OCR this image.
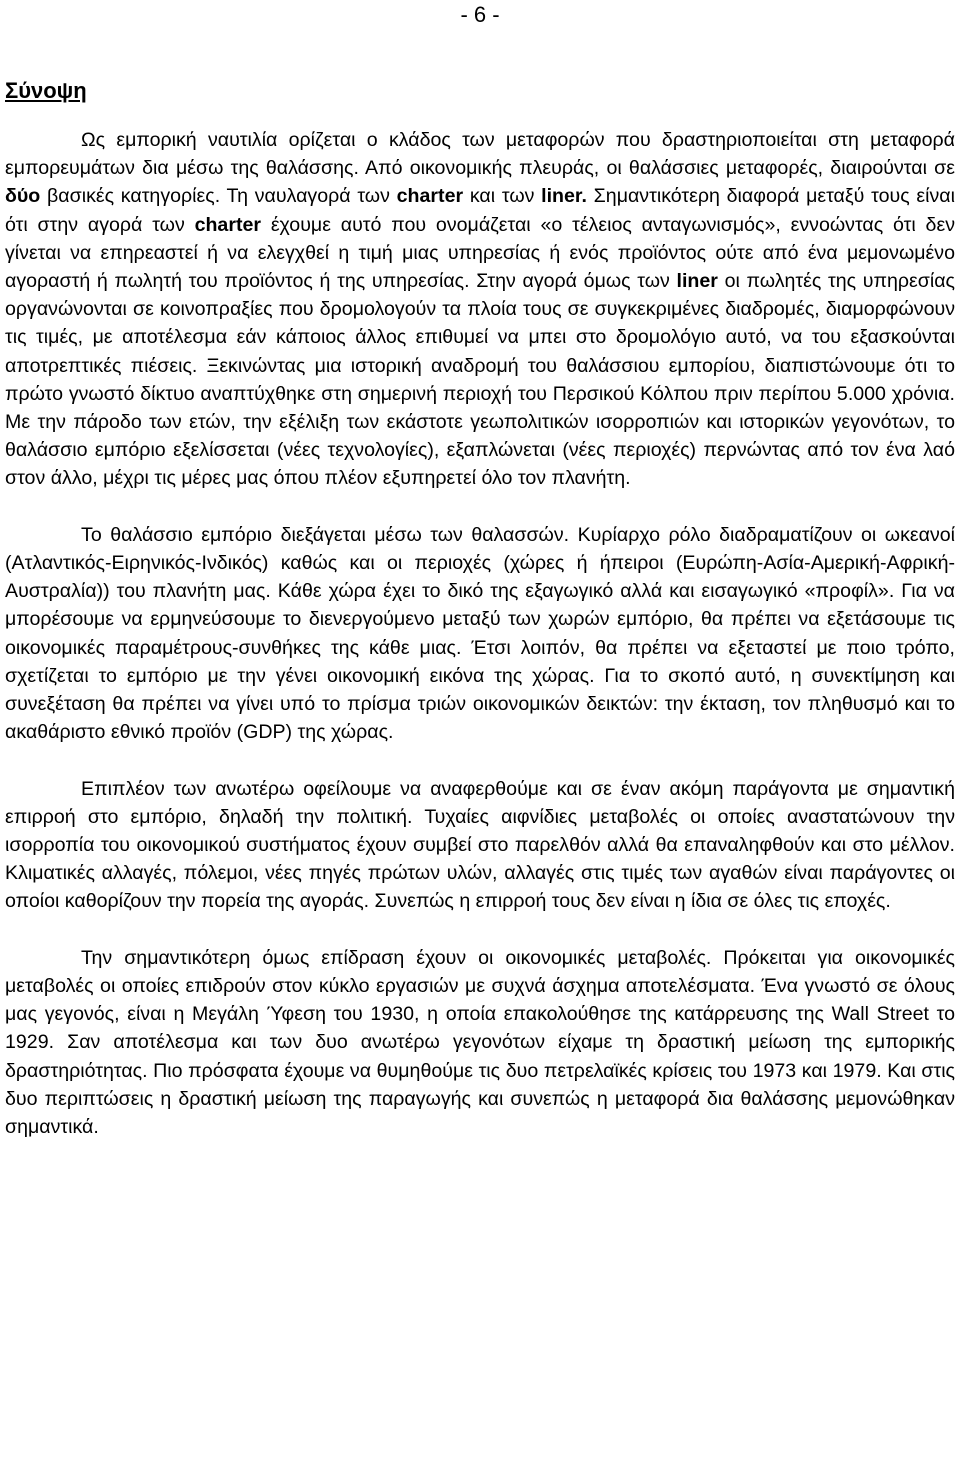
- 6 -
Σύνοψη

Ως εμπορική ναυτιλία ορίζεται ο κλάδος των μεταφορών που δραστηριοποιείται στη μεταφορά εμπορευμάτων δια μέσω της θαλάσσης. Από οικονομικής πλευράς, οι θαλάσσιες μεταφορές, διαιρούνται σε δύο βασικές κατηγορίες. Τη ναυλαγορά των charter και των liner. Σημαντικότερη διαφορά μεταξύ τους είναι ότι στην αγορά των charter έχουμε αυτό που ονομάζεται «ο τέλειος ανταγωνισμός», εννοώντας ότι δεν γίνεται να επηρεαστεί ή να ελεγχθεί η τιμή μιας υπηρεσίας ή ενός προϊόντος ούτε από ένα μεμονωμένο αγοραστή ή πωλητή του προϊόντος ή της υπηρεσίας. Στην αγορά όμως των liner οι πωλητές της υπηρεσίας οργανώνονται σε κοινοπραξίες που δρομολογούν τα πλοία τους σε συγκεκριμένες διαδρομές, διαμορφώνουν τις τιμές, με αποτέλεσμα εάν κάποιος άλλος επιθυμεί να μπει στο δρομολόγιο αυτό, να του εξασκούνται αποτρεπτικές πιέσεις. Ξεκινώντας μια ιστορική αναδρομή του θαλάσσιου εμπορίου, διαπιστώνουμε ότι το πρώτο γνωστό δίκτυο αναπτύχθηκε στη σημερινή περιοχή του Περσικού Κόλπου πριν περίπου 5.000 χρόνια. Με την πάροδο των ετών, την εξέλιξη των εκάστοτε γεωπολιτικών ισορροπιών και ιστορικών γεγονότων, το θαλάσσιο εμπόριο εξελίσσεται (νέες τεχνολογίες), εξαπλώνεται (νέες περιοχές) περνώντας από τον ένα λαό στον άλλο, μέχρι τις μέρες μας όπου πλέον εξυπηρετεί όλο τον πλανήτη.

Το θαλάσσιο εμπόριο διεξάγεται μέσω των θαλασσών. Κυρίαρχο ρόλο διαδραματίζουν οι ωκεανοί (Ατλαντικός-Ειρηνικός-Ινδικός) καθώς και οι περιοχές (χώρες ή ήπειροι (Ευρώπη-Ασία-Αμερική-Αφρική-Αυστραλία)) του πλανήτη μας. Κάθε χώρα έχει το δικό της εξαγωγικό αλλά και εισαγωγικό «προφίλ». Για να μπορέσουμε να ερμηνεύσουμε το διενεργούμενο μεταξύ των χωρών εμπόριο, θα πρέπει να εξετάσουμε τις οικονομικές παραμέτρους-συνθήκες της κάθε μιας. Έτσι λοιπόν, θα πρέπει να εξεταστεί με ποιο τρόπο, σχετίζεται το εμπόριο με την γένει οικονομική εικόνα της χώρας. Για το σκοπό αυτό, η συνεκτίμηση και συνεξέταση θα πρέπει να γίνει υπό το πρίσμα τριών οικονομικών δεικτών: την έκταση, τον πληθυσμό και το ακαθάριστο εθνικό προϊόν (GDP) της χώρας.

Επιπλέον των ανωτέρω οφείλουμε να αναφερθούμε και σε έναν ακόμη παράγοντα με σημαντική επιρροή στο εμπόριο, δηλαδή την πολιτική. Τυχαίες αιφνίδιες μεταβολές οι οποίες αναστατώνουν την ισορροπία του οικονομικού συστήματος έχουν συμβεί στο παρελθόν αλλά θα επαναληφθούν και στο μέλλον. Κλιματικές αλλαγές, πόλεμοι, νέες πηγές πρώτων υλών, αλλαγές στις τιμές των αγαθών είναι παράγοντες οι οποίοι καθορίζουν την πορεία της αγοράς. Συνεπώς η επιρροή τους δεν είναι η ίδια σε όλες τις εποχές.

Την σημαντικότερη όμως επίδραση έχουν οι οικονομικές μεταβολές. Πρόκειται για οικονομικές μεταβολές οι οποίες επιδρούν στον κύκλο εργασιών με συχνά άσχημα αποτελέσματα. Ένα γνωστό σε όλους μας γεγονός, είναι η Μεγάλη Ύφεση του 1930, η οποία επακολούθησε της κατάρρευσης της Wall Street το 1929. Σαν αποτέλεσμα και των δυο ανωτέρω γεγονότων είχαμε τη δραστική μείωση της εμπορικής δραστηριότητας. Πιο πρόσφατα έχουμε να θυμηθούμε τις δυο πετρελαϊκές κρίσεις του 1973 και 1979. Και στις δυο περιπτώσεις η δραστική μείωση της παραγωγής και συνεπώς η μεταφορά δια θαλάσσης μεμονώθηκαν σημαντικά.
